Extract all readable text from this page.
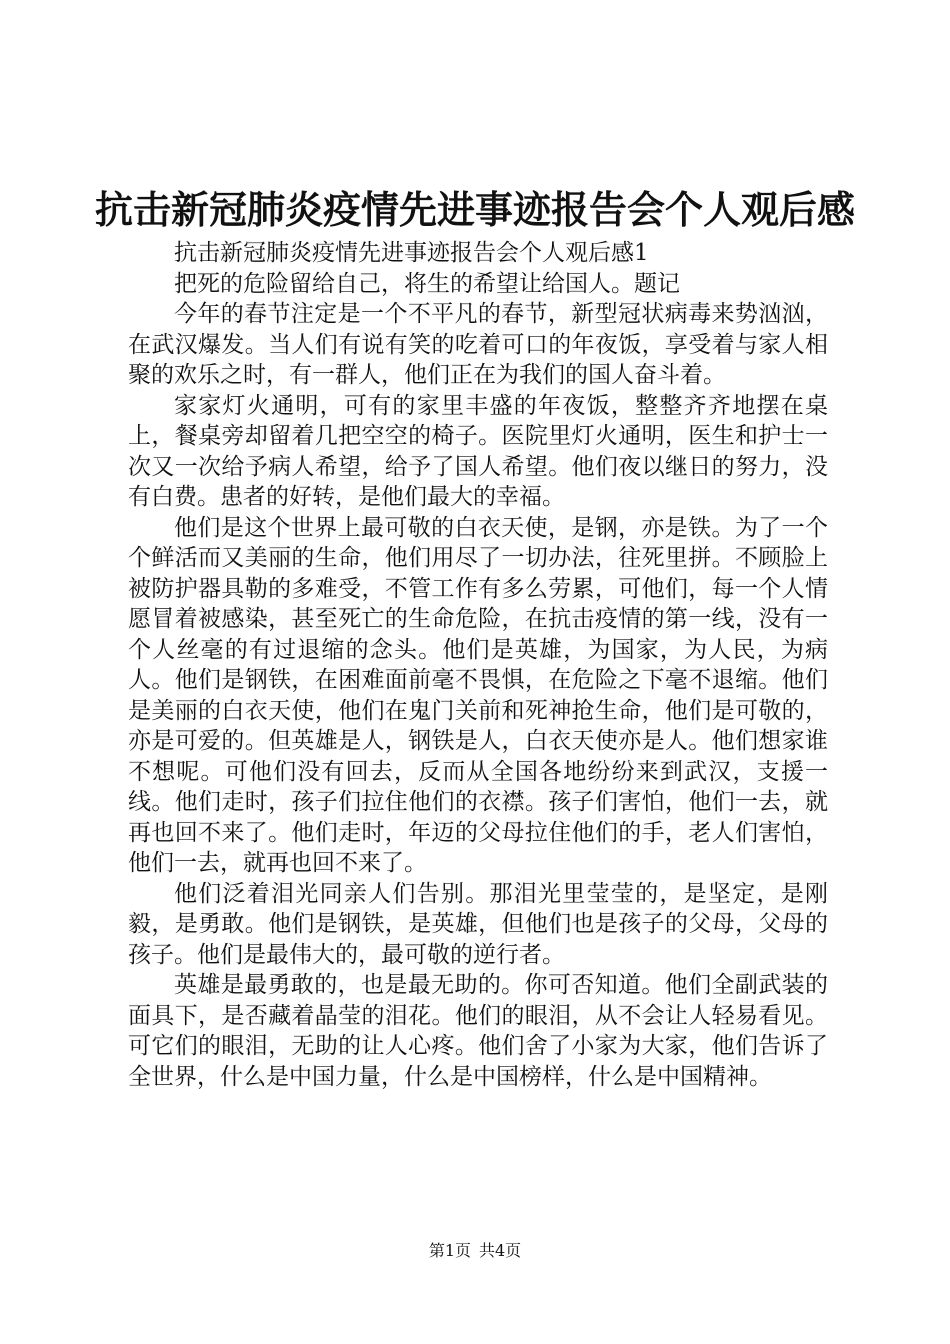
抗击新冠肺炎疫情先进事迹报告会个人观后感

抗击新冠肺炎疫情先进事迹报告会个人观后感1

把死的危险留给自己，将生的希望让给国人。题记

今年的春节注定是一个不平凡的春节，新型冠状病毒来势汹汹，在武汉爆发。当人们有说有笑的吃着可口的年夜饭，享受着与家人相聚的欢乐之时，有一群人，他们正在为我们的国人奋斗着。

家家灯火通明，可有的家里丰盛的年夜饭，整整齐齐地摆在桌上，餐桌旁却留着几把空空的椅子。医院里灯火通明，医生和护士一次又一次给予病人希望，给予了国人希望。他们夜以继日的努力，没有白费。患者的好转，是他们最大的幸福。

他们是这个世界上最可敬的白衣天使，是钢，亦是铁。为了一个个鲜活而又美丽的生命，他们用尽了一切办法，往死里拼。不顾脸上被防护器具勒的多难受，不管工作有多么劳累，可他们，每一个人情愿冒着被感染，甚至死亡的生命危险，在抗击疫情的第一线，没有一个人丝毫的有过退缩的念头。他们是英雄，为国家，为人民，为病人。他们是钢铁，在困难面前毫不畏惧，在危险之下毫不退缩。他们是美丽的白衣天使，他们在鬼门关前和死神抢生命，他们是可敬的，亦是可爱的。但英雄是人，钢铁是人，白衣天使亦是人。他们想家谁不想呢。可他们没有回去，反而从全国各地纷纷来到武汉，支援一线。他们走时，孩子们拉住他们的衣襟。孩子们害怕，他们一去，就再也回不来了。他们走时，年迈的父母拉住他们的手，老人们害怕，他们一去，就再也回不来了。

他们泛着泪光同亲人们告别。那泪光里莹莹的，是坚定，是刚毅，是勇敢。他们是钢铁，是英雄，但他们也是孩子的父母，父母的孩子。他们是最伟大的，最可敬的逆行者。

英雄是最勇敢的，也是最无助的。你可否知道。他们全副武装的面具下，是否藏着晶莹的泪花。他们的眼泪，从不会让人轻易看见。可它们的眼泪，无助的让人心疼。他们舍了小家为大家，他们告诉了全世界，什么是中国力量，什么是中国榜样，什么是中国精神。

第1页 共4页
